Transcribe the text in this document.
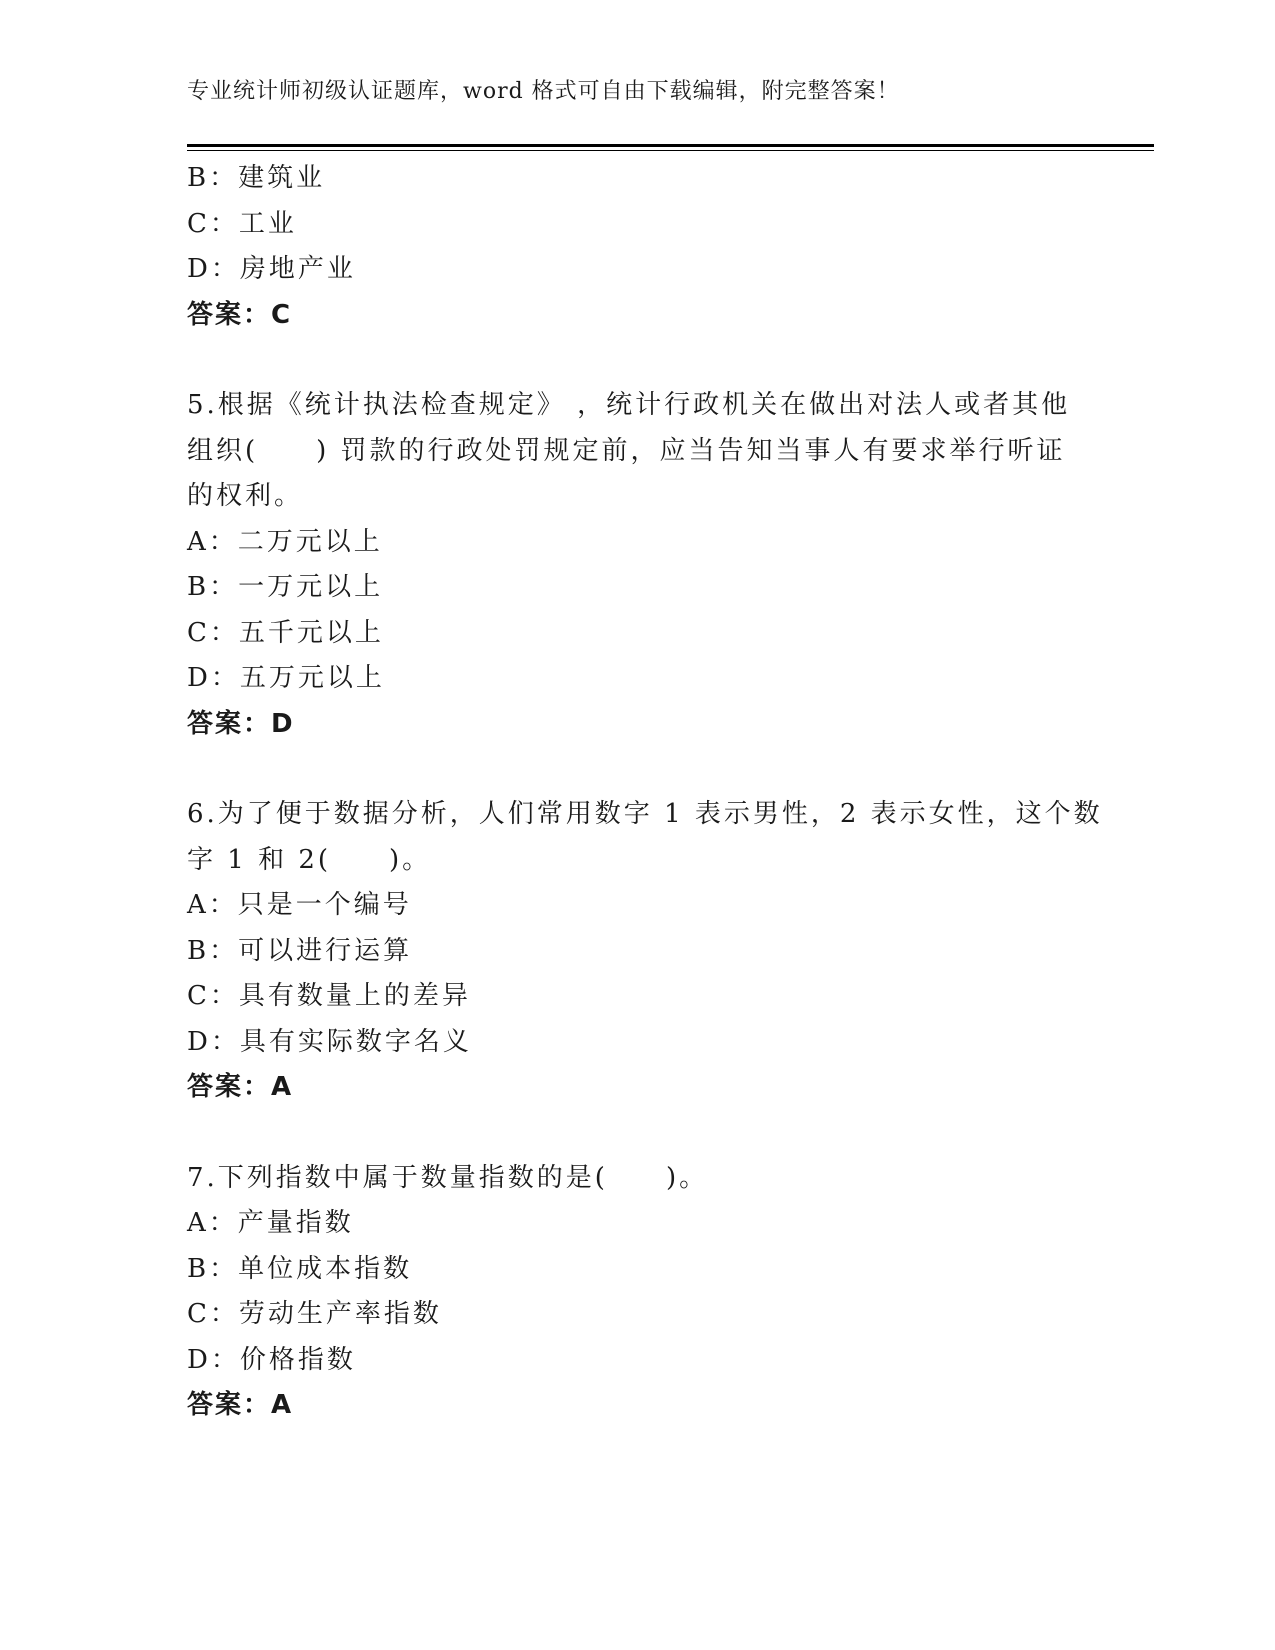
专业统计师初级认证题库，word 格式可自由下载编辑，附完整答案！
B：建筑业
C：工业
D：房地产业
答案：C
5.根据《统计执法检查规定》 ，统计行政机关在做出对法人或者其他
组织(　　) 罚款的行政处罚规定前，应当告知当事人有要求举行听证
的权利。
A：二万元以上
B：一万元以上
C：五千元以上
D：五万元以上
答案：D
6.为了便于数据分析，人们常用数字 1 表示男性，2 表示女性，这个数
字 1 和 2(　　)。
A：只是一个编号
B：可以进行运算
C：具有数量上的差异
D：具有实际数字名义
答案：A
7.下列指数中属于数量指数的是(　　)。
A：产量指数
B：单位成本指数
C：劳动生产率指数
D：价格指数
答案：A
